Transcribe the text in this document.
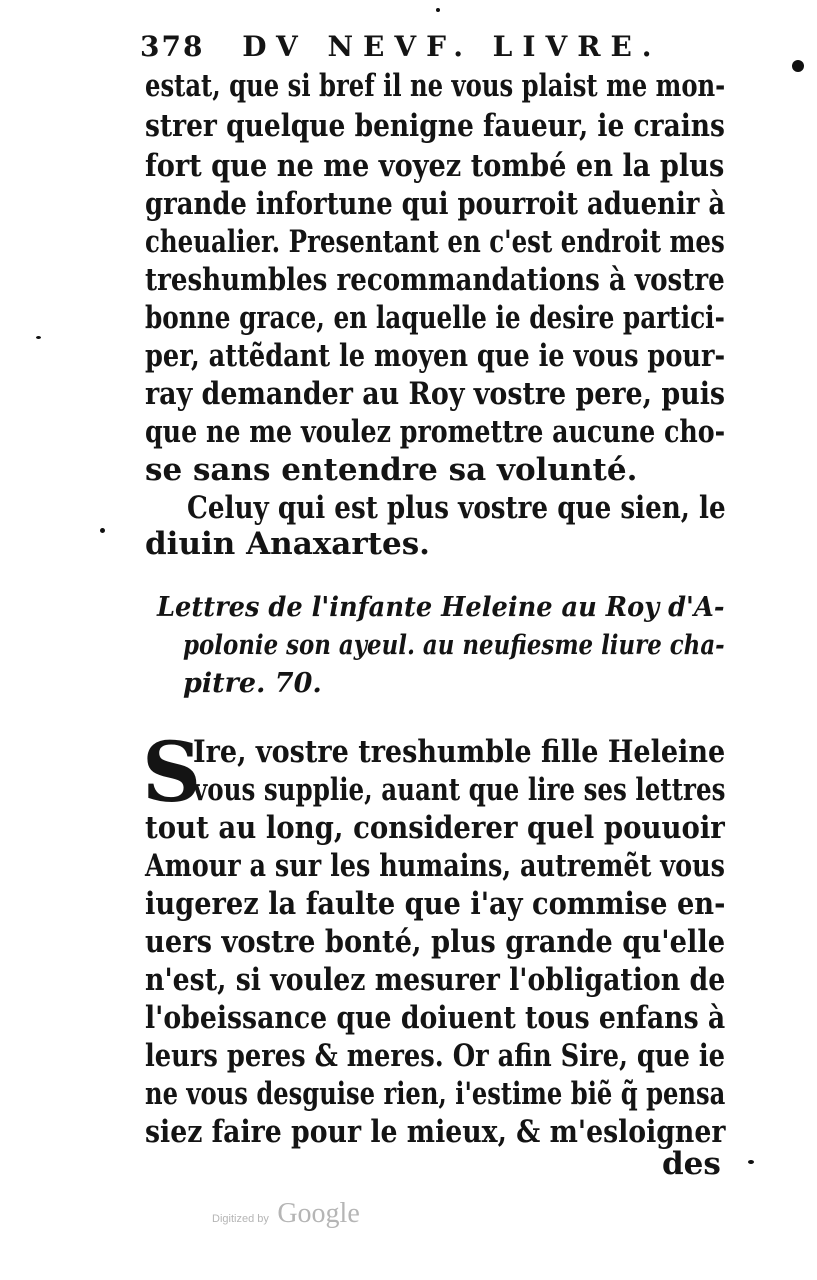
378 DV NEVF. LIVRE.
estat, que si bref il ne vous plaist me mon-
strer quelque benigne faueur, ie crains
fort que ne me voyez tombé en la plus
grande infortune qui pourroit aduenir à
cheualier. Presentant en c'est endroit mes
treshumbles recommandations à vostre
bonne grace, en laquelle ie desire partici-
per, attẽdant le moyen que ie vous pour-
ray demander au Roy vostre pere, puis
que ne me voulez promettre aucune cho-
se sans entendre sa volunté.
Celuy qui est plus vostre que sien, le
diuin Anaxartes.
Lettres de l'infante Heleine au Roy d'A-
polonie son ayeul. au neufiesme liure cha-
pitre. 70.
S
Ire, vostre treshumble fille Heleine
vous supplie, auant que lire ses lettres
tout au long, considerer quel pouuoir
Amour a sur les humains, autremẽt vous
iugerez la faulte que i'ay commise en-
uers vostre bonté, plus grande qu'elle
n'est, si voulez mesurer l'obligation de
l'obeissance que doiuent tous enfans à
leurs peres & meres. Or afin Sire, que ie
ne vous desguise rien, i'estime biẽ q̃ pensa
siez faire pour le mieux, & m'esloigner
des
Digitized by Google
